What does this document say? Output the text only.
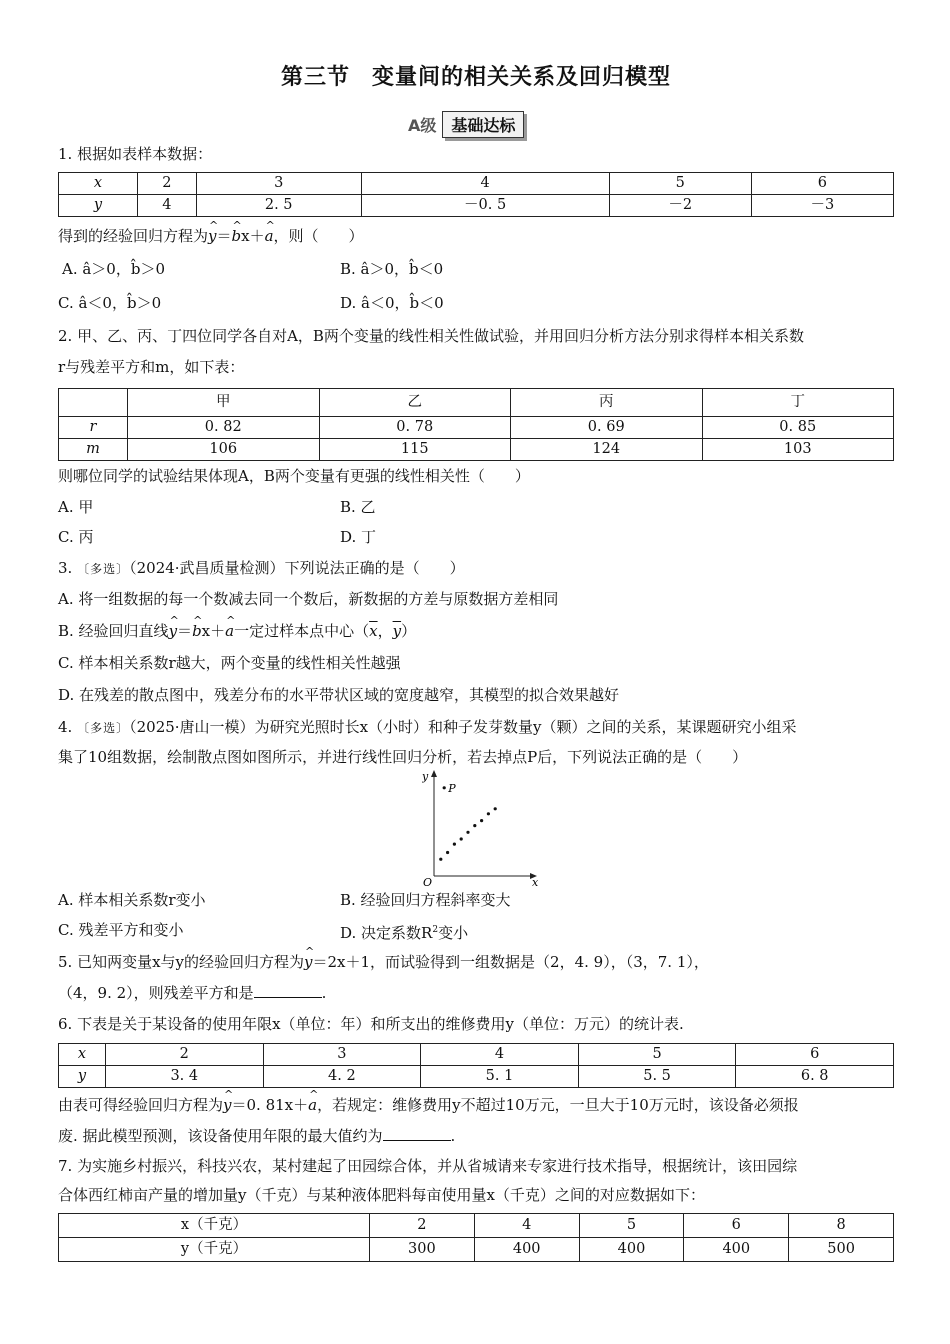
第三节 变量间的相关关系及回归模型
A级 基础达标
1. 根据如表样本数据：
x	2	3	4	5	6
y	4	2. 5	－0. 5	－2	－3
得到的经验回归方程为^ y＝^ bx＋^ a，则（　　）
A. â＞0，b̂＞0	B. â＞0，b̂＜0
C. â＜0，b̂＞0	D. â＜0，b̂＜0
2. 甲、乙、丙、丁四位同学各自对A，B两个变量的线性相关性做试验，并用回归分析方法分别求得样本相关系数
r与残差平方和m，如下表：
	甲	乙	丙	丁
r	0. 82	0. 78	0. 69	0. 85
m	106	115	124	103
则哪位同学的试验结果体现A，B两个变量有更强的线性相关性（　　）
A. 甲	B. 乙
C. 丙	D. 丁
3. 〔多选〕（2024·武昌质量检测）下列说法正确的是（　　）
A. 将一组数据的每一个数减去同一个数后，新数据的方差与原数据方差相同
B. 经验回归直线^ y＝^ bx＋^ a一定过样本点中心（$\overline{x}$，$\overline{y}$）
C. 样本相关系数r越大，两个变量的线性相关性越强
D. 在残差的散点图中，残差分布的水平带状区域的宽度越窄，其模型的拟合效果越好
4. 〔多选〕（2025·唐山一模）为研究光照时长x（小时）和种子发芽数量y（颗）之间的关系，某课题研究小组采
集了10组数据，绘制散点图如图所示，并进行线性回归分析，若去掉点P后，下列说法正确的是（　　）
y
x
O
P
A. 样本相关系数r变小	B. 经验回归方程斜率变大
C. 残差平方和变小	D. 决定系数$R^2$变小
5. 已知两变量x与y的经验回归方程为^ y＝2x＋1，而试验得到一组数据是（2，4. 9），（3，7. 1），
（4，9. 2），则残差平方和是	.
6. 下表是关于某设备的使用年限x（单位：年）和所支出的维修费用y（单位：万元）的统计表.
x	2	3	4	5	6
y	3. 4	4. 2	5. 1	5. 5	6. 8
由表可得经验回归方程为^ y＝0. 81x＋^ a，若规定：维修费用y不超过10万元，一旦大于10万元时，该设备必须报
废. 据此模型预测，该设备使用年限的最大值约为	.
7. 为实施乡村振兴，科技兴农，某村建起了田园综合体，并从省城请来专家进行技术指导，根据统计，该田园综
合体西红柿亩产量的增加量y（千克）与某种液体肥料每亩使用量x（千克）之间的对应数据如下：
x（千克）	2	4	5	6	8
y（千克）	300	400	400	400	500
